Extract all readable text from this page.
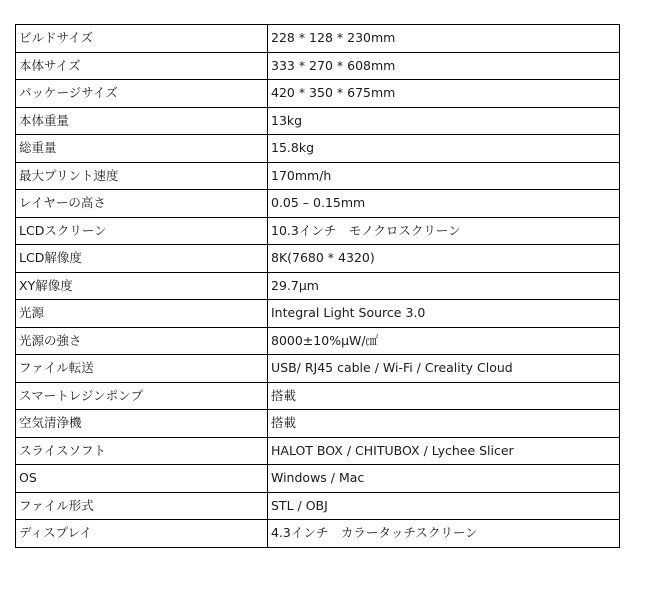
ビルドサイズ	228 * 128 * 230mm
本体サイズ	333 * 270 * 608mm
パッケージサイズ	420 * 350 * 675mm
本体重量	13kg
総重量	15.8kg
最大プリント速度	170mm/h
レイヤーの高さ	0.05 – 0.15mm
LCDスクリーン	10.3インチ　モノクロスクリーン
LCD解像度	8K(7680 * 4320)
XY解像度	29.7μm
光源	Integral Light Source 3.0
光源の強さ	8000±10%μW/㎠
ファイル転送	USB/ RJ45 cable / Wi-Fi / Creality Cloud
スマートレジンポンプ	搭載
空気清浄機	搭載
スライスソフト	HALOT BOX / CHITUBOX / Lychee Slicer
OS	Windows / Mac
ファイル形式	STL / OBJ
ディスプレイ	4.3インチ　カラータッチスクリーン
